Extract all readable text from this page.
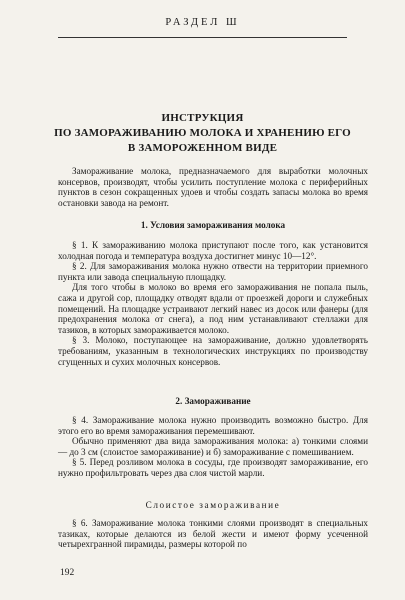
РАЗДЕЛ Ш
ИНСТРУКЦИЯ
ПО ЗАМОРАЖИВАНИЮ МОЛОКА И ХРАНЕНИЮ ЕГО
В ЗАМОРОЖЕННОМ ВИДЕ

Замораживание молока, предназначаемого для выработки молочных консервов, производят, чтобы усилить поступление молока с периферийных пунктов в сезон сокращенных удоев и чтобы создать запасы молока во время остановки завода на ремонт.

1. Условия замораживания молока

§ 1. К замораживанию молока приступают после того, как установится холодная погода и температура воздуха достигнет минус 10—12°.

§ 2. Для замораживания молока нужно отвести на территории приемного пункта или завода специальную площадку.

Для того чтобы в молоко во время его замораживания не попала пыль, сажа и другой сор, площадку отводят вдали от проезжей дороги и служебных помещений. На площадке устраивают легкий навес из досок или фанеры (для предохранения молока от снега), а под ним устанавливают стеллажи для тазиков, в которых замораживается молоко.

§ 3. Молоко, поступающее на замораживание, должно удовлетворять требованиям, указанным в технологических инструкциях по производству сгущенных и сухих молочных консервов.

2. Замораживание

§ 4. Замораживание молока нужно производить возможно быстро. Для этого его во время замораживания перемешивают.

Обычно применяют два вида замораживания молока: а) тонкими слоями — до 3 см (слоистое замораживание) и б) замораживание с помешиванием.

§ 5. Перед розливом молока в сосуды, где производят замораживание, его нужно профильтровать через два слоя чистой марли.

Слоистое замораживание

§ 6. Замораживание молока тонкими слоями производят в специальных тазиках, которые делаются из белой жести и имеют форму усеченной четырехгранной пирамиды, размеры которой по

192
